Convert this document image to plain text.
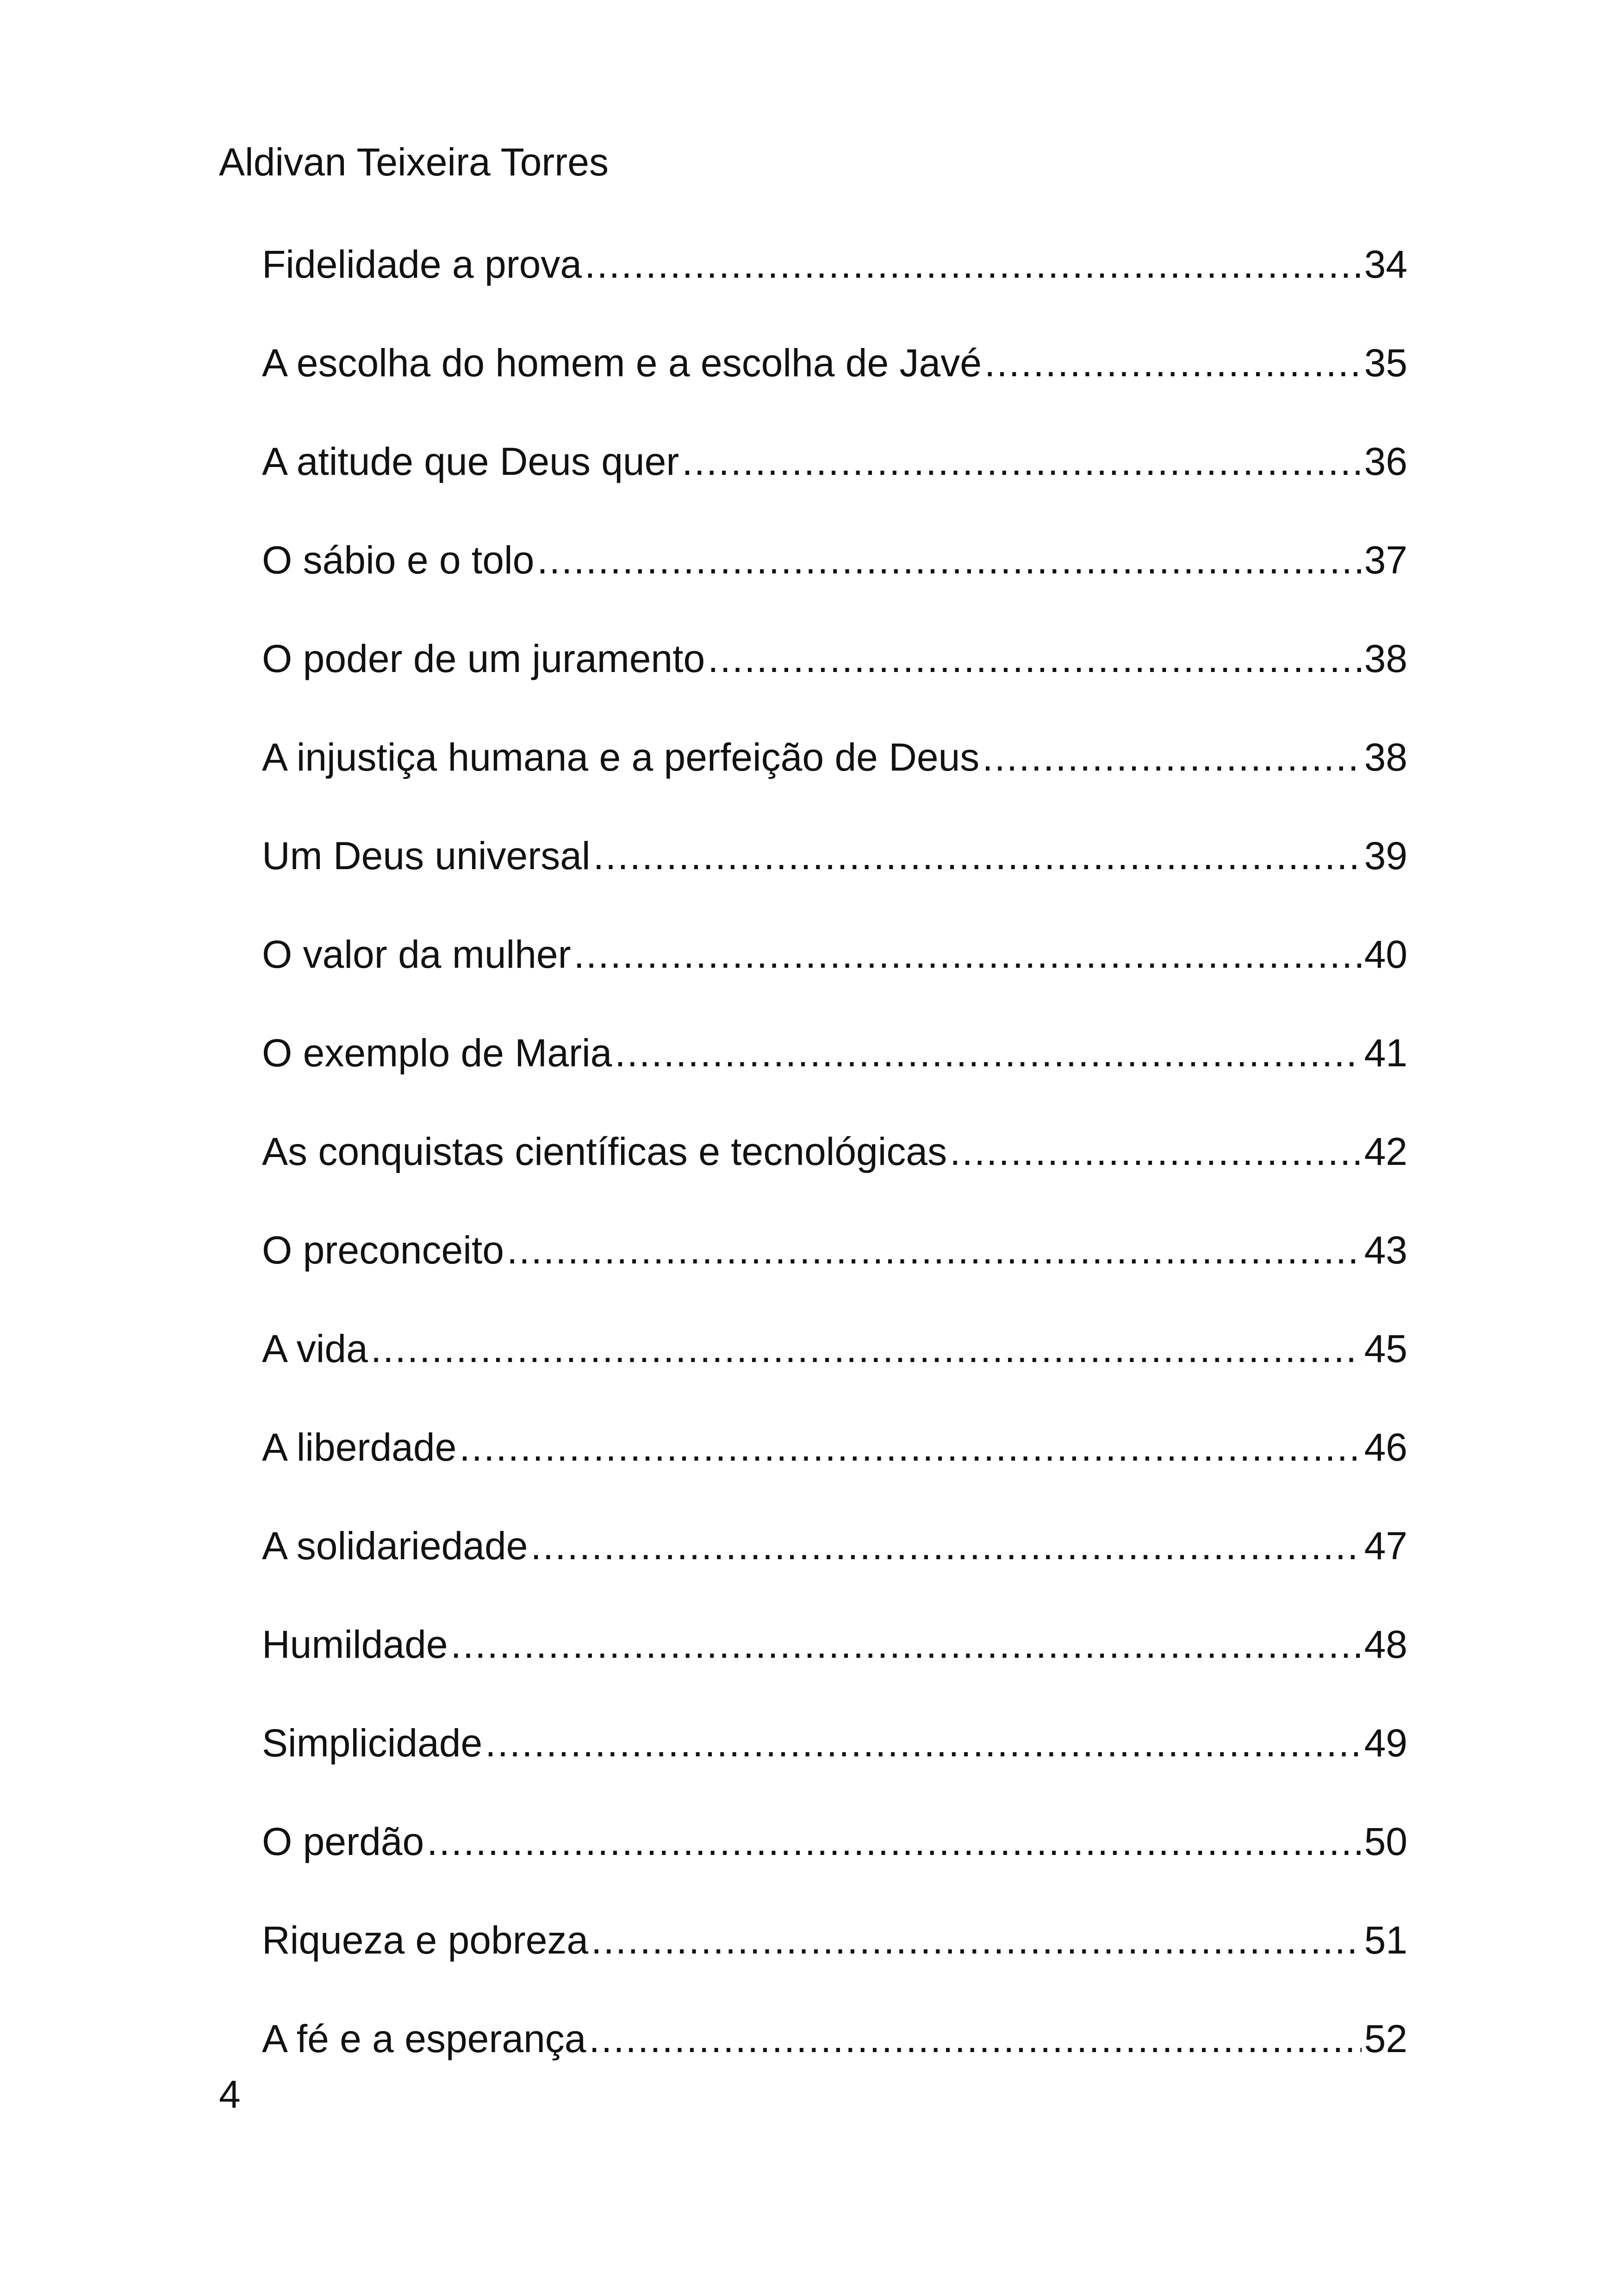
Aldivan Teixeira Torres
Fidelidade a prova .....	34
A escolha do homem e a escolha de Javé .....	35
A atitude que Deus quer .....	36
O sábio e o tolo .....	37
O poder de um juramento .....	38
A injustiça humana e a perfeição de Deus .....	38
Um Deus universal .....	39
O valor da mulher .....	40
O exemplo de Maria .....	41
As conquistas científicas e tecnológicas .....	42
O preconceito .....	43
A vida .....	45
A liberdade .....	46
A solidariedade .....	47
Humildade .....	48
Simplicidade .....	49
O perdão .....	50
Riqueza e pobreza .....	51
A fé e a esperança .....	52
4
